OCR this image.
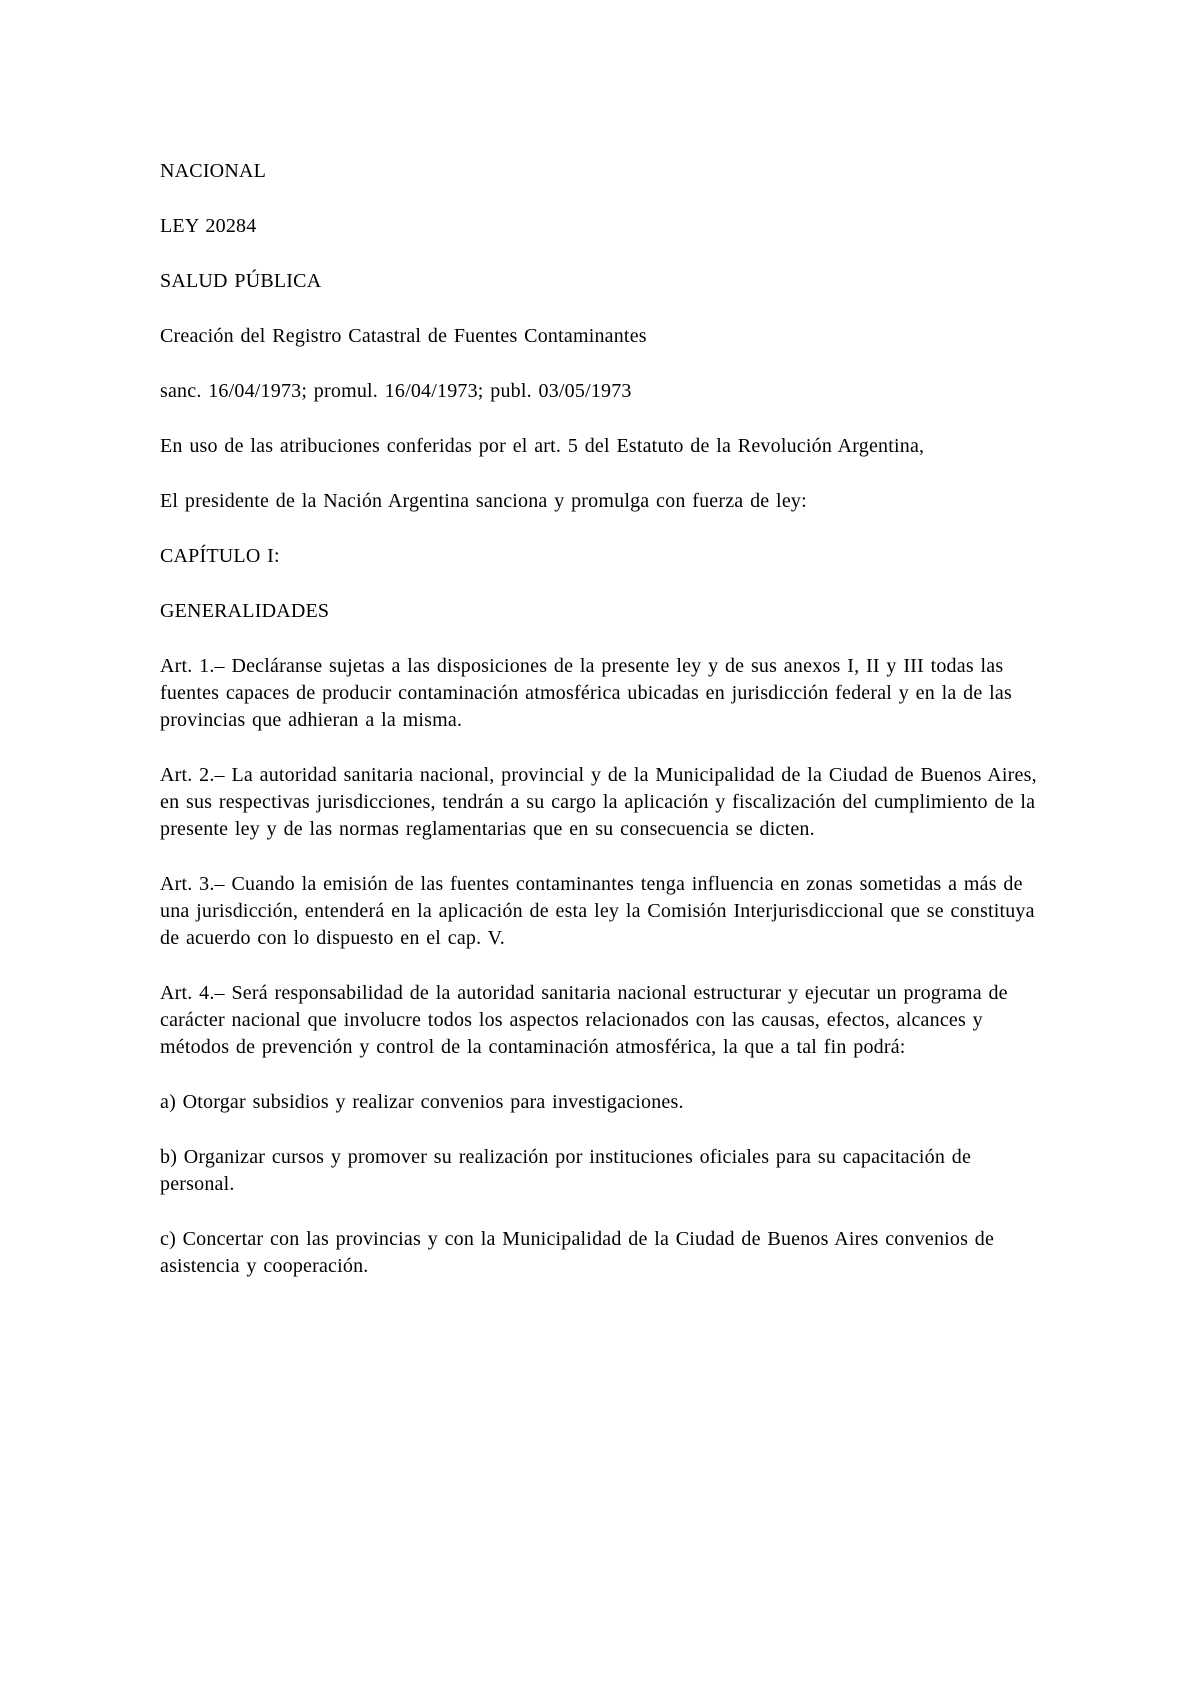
NACIONAL

LEY 20284

SALUD PÚBLICA

Creación del Registro Catastral de Fuentes Contaminantes

sanc. 16/04/1973; promul. 16/04/1973; publ. 03/05/1973

En uso de las atribuciones conferidas por el art. 5 del Estatuto de la Revolución Argentina,

El presidente de la Nación Argentina sanciona y promulga con fuerza de ley:

CAPÍTULO I:

GENERALIDADES

Art. 1.– Decláranse sujetas a las disposiciones de la presente ley y de sus anexos I, II y III todas las fuentes capaces de producir contaminación atmosférica ubicadas en jurisdicción federal y en la de las provincias que adhieran a la misma.

Art. 2.– La autoridad sanitaria nacional, provincial y de la Municipalidad de la Ciudad de Buenos Aires, en sus respectivas jurisdicciones, tendrán a su cargo la aplicación y fiscalización del cumplimiento de la presente ley y de las normas reglamentarias que en su consecuencia se dicten.

Art. 3.– Cuando la emisión de las fuentes contaminantes tenga influencia en zonas sometidas a más de una jurisdicción, entenderá en la aplicación de esta ley la Comisión Interjurisdiccional que se constituya de acuerdo con lo dispuesto en el cap. V.

Art. 4.– Será responsabilidad de la autoridad sanitaria nacional estructurar y ejecutar un programa de carácter nacional que involucre todos los aspectos relacionados con las causas, efectos, alcances y métodos de prevención y control de la contaminación atmosférica, la que a tal fin podrá:

a) Otorgar subsidios y realizar convenios para investigaciones.

b) Organizar cursos y promover su realización por instituciones oficiales para su capacitación de personal.

c) Concertar con las provincias y con la Municipalidad de la Ciudad de Buenos Aires convenios de asistencia y cooperación.
